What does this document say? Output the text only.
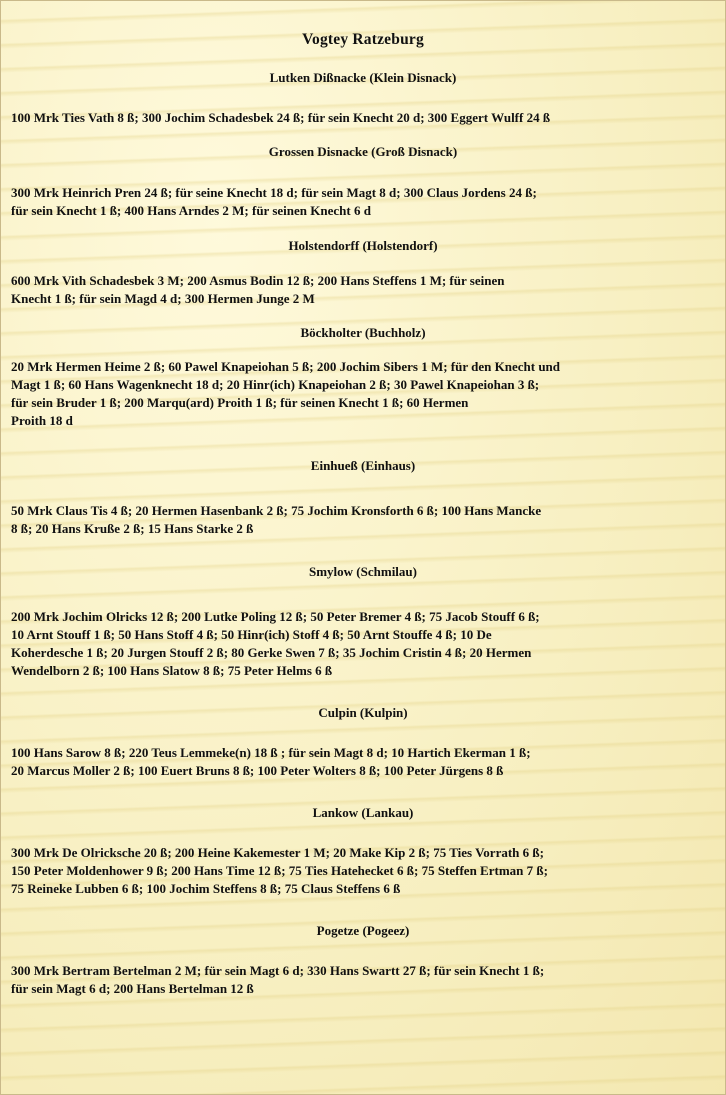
Vogtey Ratzeburg

Lutken Dißnacke (Klein Disnack)

100 Mrk Ties Vath 8 ß; 300 Jochim Schadesbek 24 ß; für sein Knecht 20 d; 300 Eggert Wulff 24 ß

Grossen Disnacke (Groß Disnack)

300 Mrk Heinrich Pren 24 ß; für seine Knecht 18 d; für sein Magt 8 d; 300 Claus Jordens 24 ß;
für sein Knecht 1 ß; 400 Hans Arndes 2 M; für seinen Knecht 6 d

Holstendorff (Holstendorf)

600 Mrk Vith Schadesbek 3 M; 200 Asmus Bodin 12 ß; 200 Hans Steffens 1 M; für seinen
Knecht 1 ß; für sein Magd 4 d; 300 Hermen Junge 2 M

Böckholter (Buchholz)

20 Mrk Hermen Heime 2 ß; 60 Pawel Knapeiohan 5 ß; 200 Jochim Sibers 1 M; für den Knecht und
Magt 1 ß; 60 Hans Wagenknecht 18 d; 20 Hinr(ich) Knapeiohan 2 ß; 30 Pawel Knapeiohan 3 ß;
für sein Bruder 1 ß; 200 Marqu(ard) Proith 1 ß; für seinen Knecht 1 ß; 60 Hermen
Proith 18 d

Einhueß (Einhaus)

50 Mrk Claus Tis 4 ß; 20 Hermen Hasenbank 2 ß; 75 Jochim Kronsforth 6 ß; 100 Hans Mancke
8 ß; 20 Hans Kruße 2 ß; 15 Hans Starke 2 ß

Smylow (Schmilau)

200 Mrk Jochim Olricks 12 ß; 200 Lutke Poling 12 ß; 50 Peter Bremer 4 ß; 75 Jacob Stouff 6 ß;
10 Arnt Stouff 1 ß; 50 Hans Stoff 4 ß; 50 Hinr(ich) Stoff 4 ß; 50 Arnt Stouffe 4 ß; 10 De
Koherdesche 1 ß; 20 Jurgen Stouff 2 ß; 80 Gerke Swen 7 ß; 35 Jochim Cristin 4 ß; 20 Hermen
Wendelborn 2 ß; 100 Hans Slatow 8 ß; 75 Peter Helms 6 ß

Culpin (Kulpin)

100 Hans Sarow 8 ß; 220 Teus Lemmeke(n) 18 ß ; für sein Magt 8 d; 10 Hartich Ekerman 1 ß;
20 Marcus Moller 2 ß; 100 Euert Bruns 8 ß; 100 Peter Wolters 8 ß; 100 Peter Jürgens 8 ß

Lankow (Lankau)

300 Mrk De Olricksche 20 ß; 200 Heine Kakemester 1 M; 20 Make Kip 2 ß; 75 Ties Vorrath 6 ß;
150 Peter Moldenhower 9 ß; 200 Hans Time 12 ß; 75 Ties Hatehecket 6 ß; 75 Steffen Ertman 7 ß;
75 Reineke Lubben 6 ß; 100 Jochim Steffens 8 ß; 75 Claus Steffens 6 ß

Pogetze (Pogeez)

300 Mrk Bertram Bertelman 2 M; für sein Magt 6 d; 330 Hans Swartt 27 ß; für sein Knecht 1 ß;
für sein Magt 6 d; 200 Hans Bertelman 12 ß
